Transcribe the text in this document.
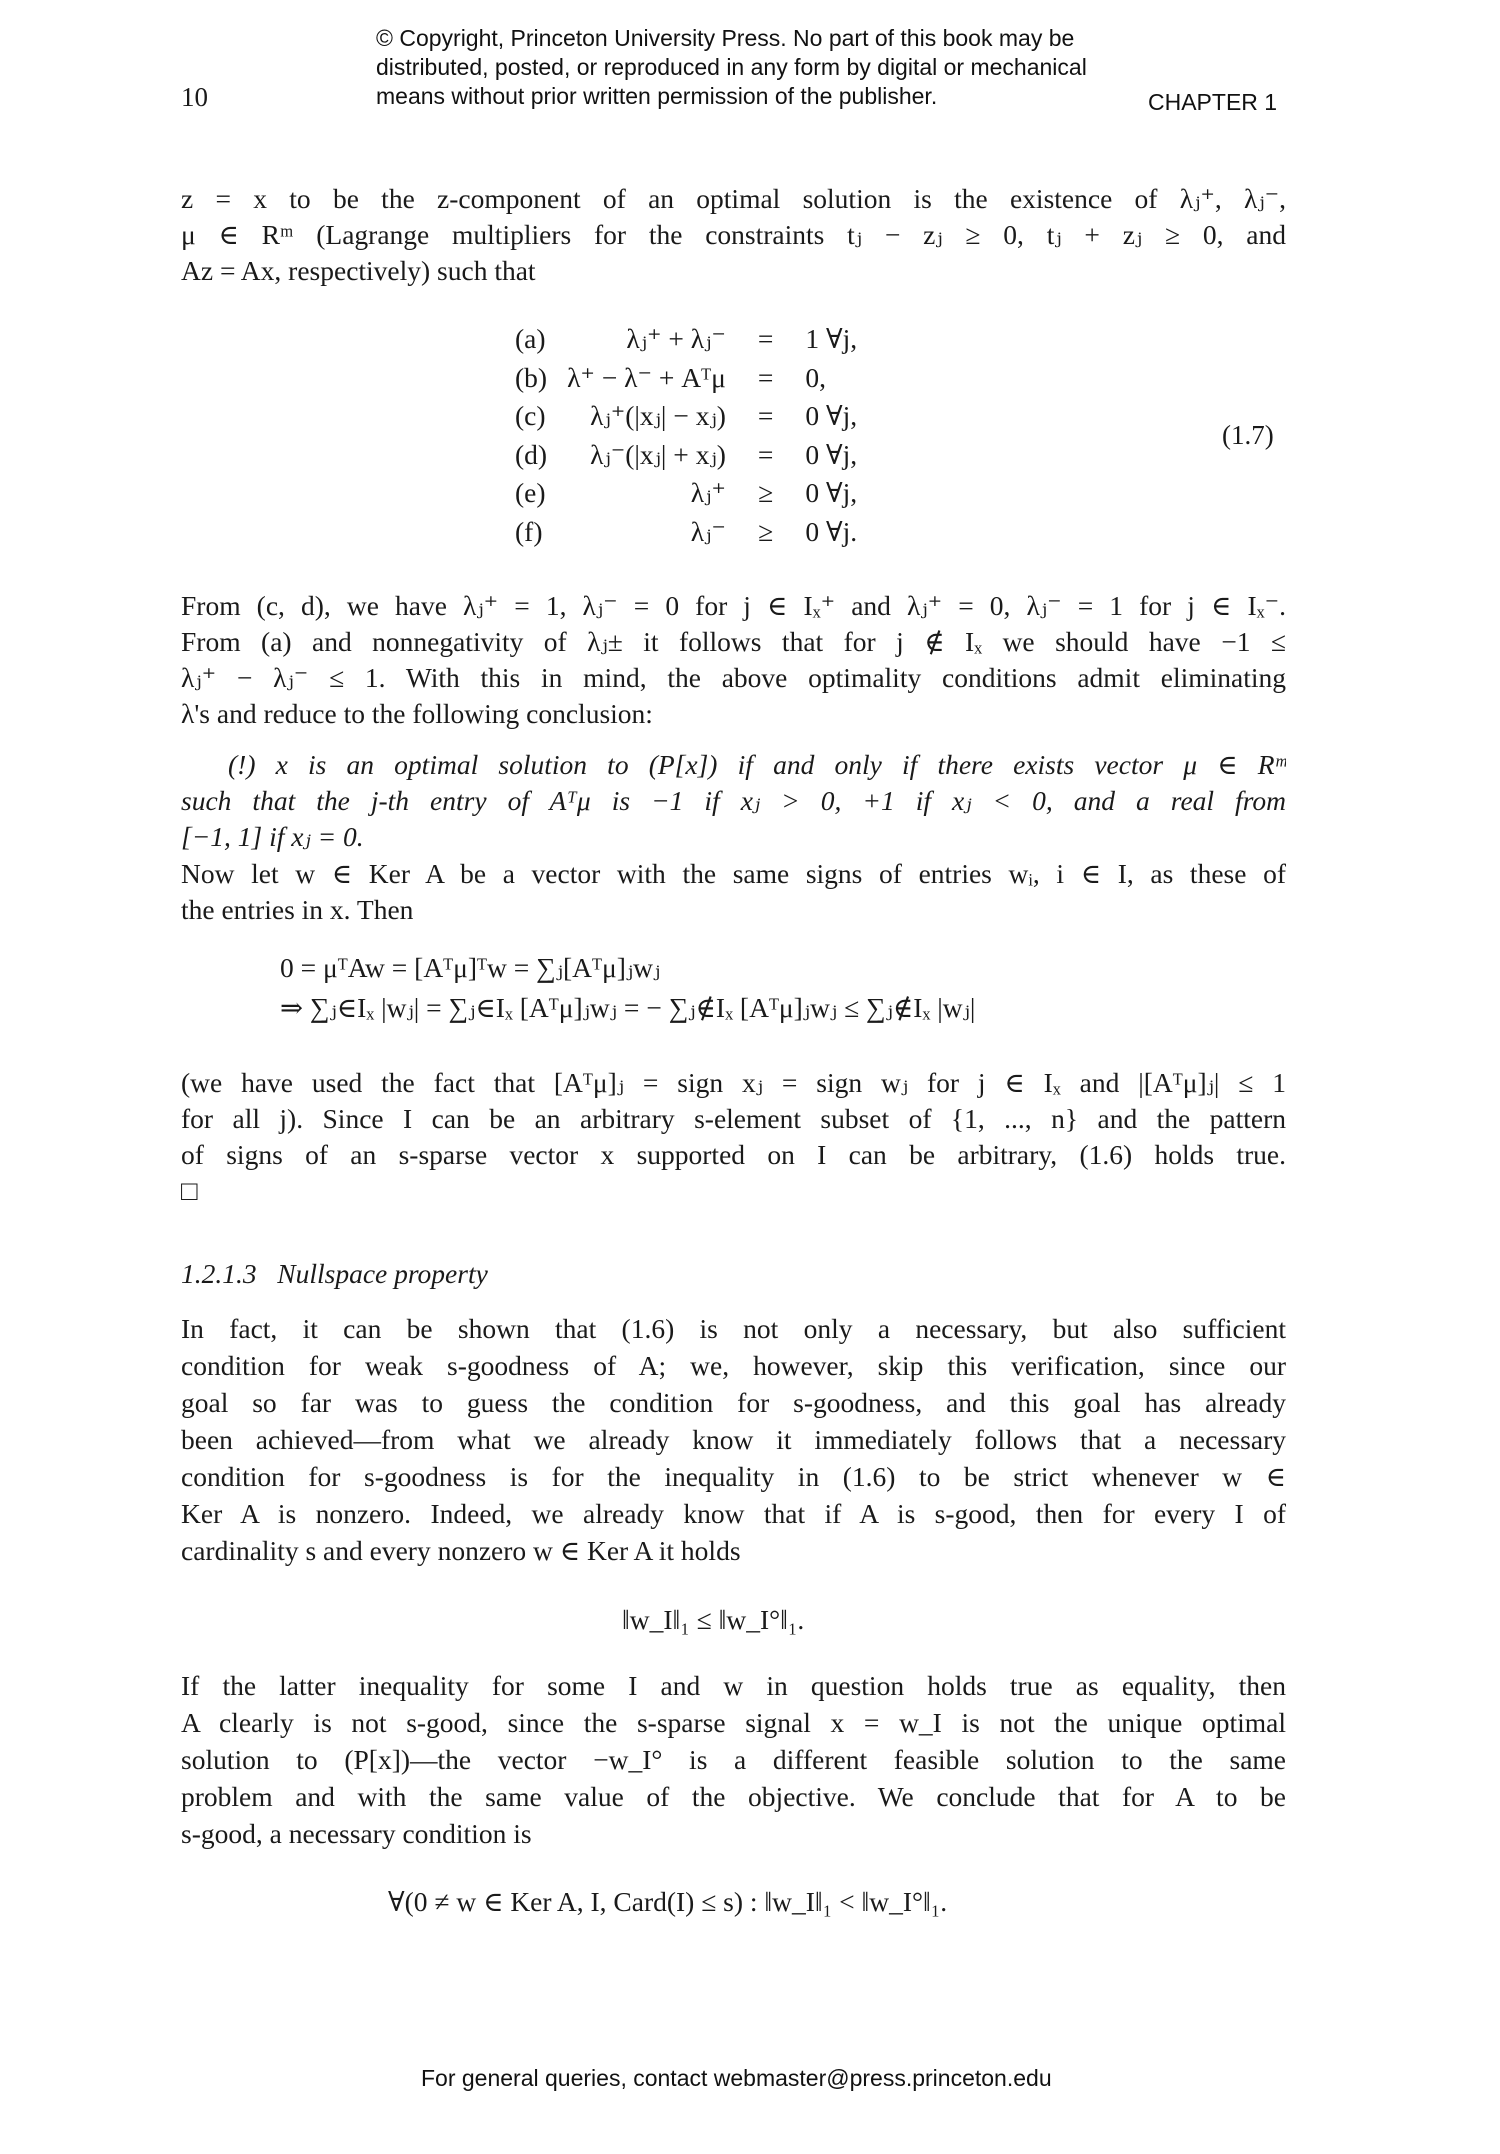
© Copyright, Princeton University Press. No part of this book may be
distributed, posted, or reproduced in any form by digital or mechanical
means without prior written permission of the publisher.
10	CHAPTER 1
z = x to be the z-component of an optimal solution is the existence of λⱼ⁺, λⱼ⁻,
μ ∈ Rᵐ (Lagrange multipliers for the constraints tⱼ − zⱼ ≥ 0, tⱼ + zⱼ ≥ 0, and
Az = Ax, respectively) such that
(a)	λⱼ⁺ + λⱼ⁻	=	1 ∀j,
(b)	λ⁺ − λ⁻ + Aᵀμ	=	0,
(c)	λⱼ⁺(|xⱼ| − xⱼ)	=	0 ∀j,
(d)	λⱼ⁻(|xⱼ| + xⱼ)	=	0 ∀j,
(e)	λⱼ⁺	≥	0 ∀j,
(f)	λⱼ⁻	≥	0 ∀j.
(1.7)
From (c, d), we have λⱼ⁺ = 1, λⱼ⁻ = 0 for j ∈ Iₓ⁺ and λⱼ⁺ = 0, λⱼ⁻ = 1 for j ∈ Iₓ⁻.
From (a) and nonnegativity of λⱼ± it follows that for j ∉ Iₓ we should have −1 ≤
λⱼ⁺ − λⱼ⁻ ≤ 1. With this in mind, the above optimality conditions admit eliminating
λ's and reduce to the following conclusion:
(!) x is an optimal solution to (P[x]) if and only if there exists vector μ ∈ Rᵐ
such that the j-th entry of Aᵀμ is −1 if xⱼ > 0, +1 if xⱼ < 0, and a real from
[−1, 1] if xⱼ = 0.
Now let w ∈ Ker A be a vector with the same signs of entries wᵢ, i ∈ I, as these of
the entries in x. Then
0 = μᵀAw = [Aᵀμ]ᵀw = ∑ⱼ[Aᵀμ]ⱼwⱼ
⇒ ∑ⱼ∈Iₓ |wⱼ| = ∑ⱼ∈Iₓ [Aᵀμ]ⱼwⱼ = − ∑ⱼ∉Iₓ [Aᵀμ]ⱼwⱼ ≤ ∑ⱼ∉Iₓ |wⱼ|
(we have used the fact that [Aᵀμ]ⱼ = sign xⱼ = sign wⱼ for j ∈ Iₓ and |[Aᵀμ]ⱼ| ≤ 1
for all j). Since I can be an arbitrary s-element subset of {1, ..., n} and the pattern
of signs of an s-sparse vector x supported on I can be arbitrary, (1.6) holds true.
□
1.2.1.3 Nullspace property
In fact, it can be shown that (1.6) is not only a necessary, but also sufficient
condition for weak s-goodness of A; we, however, skip this verification, since our
goal so far was to guess the condition for s-goodness, and this goal has already
been achieved—from what we already know it immediately follows that a necessary
condition for s-goodness is for the inequality in (1.6) to be strict whenever w ∈
Ker A is nonzero. Indeed, we already know that if A is s-good, then for every I of
cardinality s and every nonzero w ∈ Ker A it holds
‖w_I‖₁ ≤ ‖w_I°‖₁.
If the latter inequality for some I and w in question holds true as equality, then
A clearly is not s-good, since the s-sparse signal x = w_I is not the unique optimal
solution to (P[x])—the vector −w_I° is a different feasible solution to the same
problem and with the same value of the objective. We conclude that for A to be
s-good, a necessary condition is
∀(0 ≠ w ∈ Ker A, I, Card(I) ≤ s) : ‖w_I‖₁ < ‖w_I°‖₁.
For general queries, contact webmaster@press.princeton.edu
